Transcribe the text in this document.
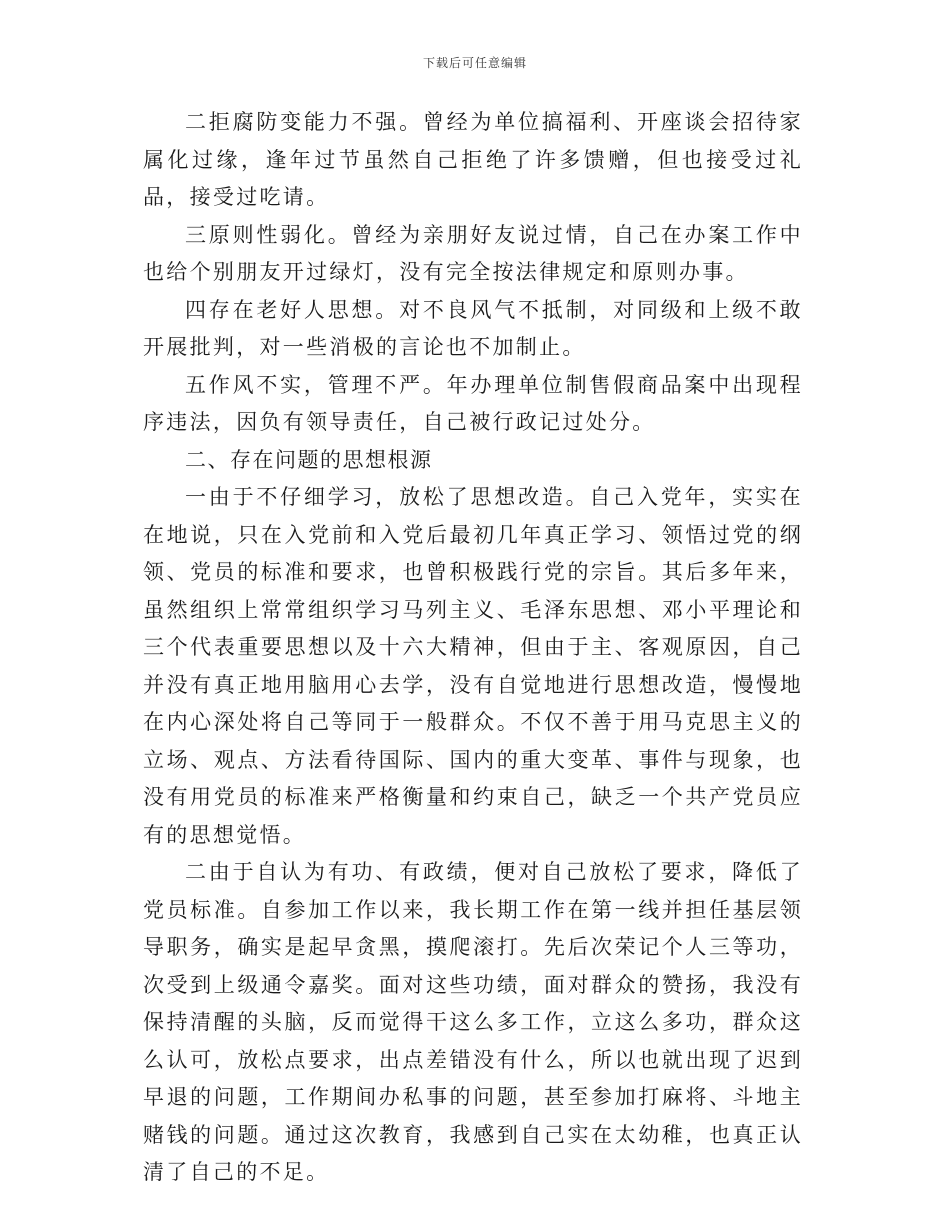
下载后可任意编辑

二拒腐防变能力不强。曾经为单位搞福利、开座谈会招待家属化过缘，逢年过节虽然自己拒绝了许多馈赠，但也接受过礼品，接受过吃请。

三原则性弱化。曾经为亲朋好友说过情，自己在办案工作中也给个别朋友开过绿灯，没有完全按法律规定和原则办事。

四存在老好人思想。对不良风气不抵制，对同级和上级不敢开展批判，对一些消极的言论也不加制止。

五作风不实，管理不严。年办理单位制售假商品案中出现程序违法，因负有领导责任，自己被行政记过处分。

二、存在问题的思想根源

一由于不仔细学习，放松了思想改造。自己入党年，实实在在地说，只在入党前和入党后最初几年真正学习、领悟过党的纲领、党员的标准和要求，也曾积极践行党的宗旨。其后多年来，虽然组织上常常组织学习马列主义、毛泽东思想、邓小平理论和三个代表重要思想以及十六大精神，但由于主、客观原因，自己并没有真正地用脑用心去学，没有自觉地进行思想改造，慢慢地在内心深处将自己等同于一般群众。不仅不善于用马克思主义的立场、观点、方法看待国际、国内的重大变革、事件与现象，也没有用党员的标准来严格衡量和约束自己，缺乏一个共产党员应有的思想觉悟。

二由于自认为有功、有政绩，便对自己放松了要求，降低了党员标准。自参加工作以来，我长期工作在第一线并担任基层领导职务，确实是起早贪黑，摸爬滚打。先后次荣记个人三等功，次受到上级通令嘉奖。面对这些功绩，面对群众的赞扬，我没有保持清醒的头脑，反而觉得干这么多工作，立这么多功，群众这么认可，放松点要求，出点差错没有什么，所以也就出现了迟到早退的问题，工作期间办私事的问题，甚至参加打麻将、斗地主赌钱的问题。通过这次教育，我感到自己实在太幼稚，也真正认清了自己的不足。
